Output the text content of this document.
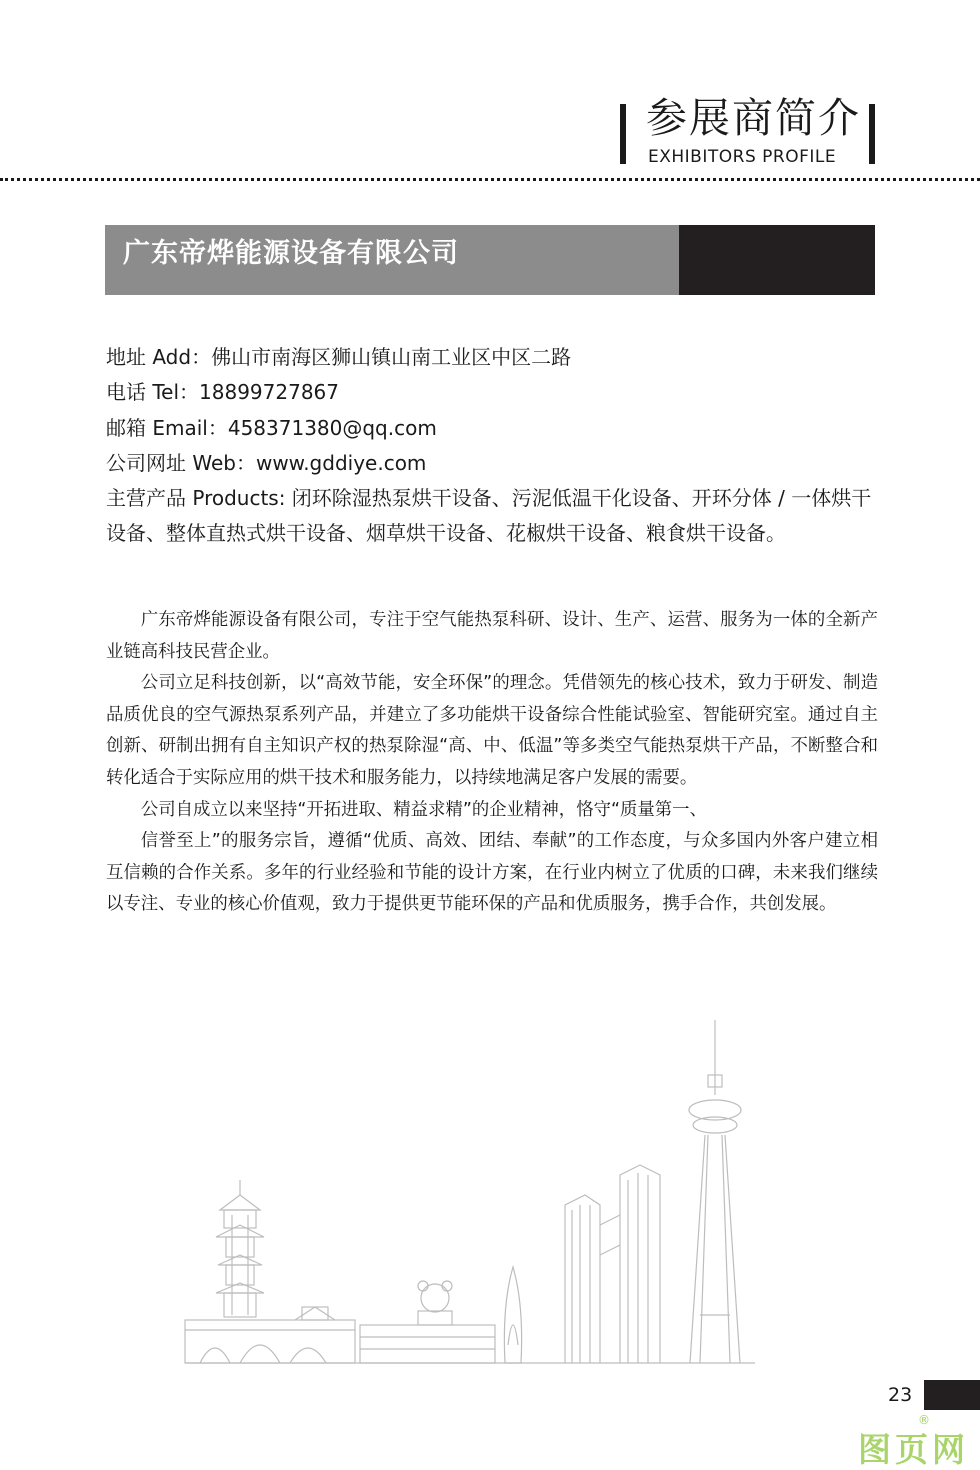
参展商简介
EXHIBITORS PROFILE
广东帝烨能源设备有限公司
地址 Add：佛山市南海区狮山镇山南工业区中区二路
电话 Tel：18899727867
邮箱 Email：458371380@qq.com
公司网址 Web：www.gddiye.com
主营产品 Products: 闭环除湿热泵烘干设备、污泥低温干化设备、开环分体 / 一体烘干设备、整体直热式烘干设备、烟草烘干设备、花椒烘干设备、粮食烘干设备。

广东帝烨能源设备有限公司，专注于空气能热泵科研、设计、生产、运营、服务为一体的全新产业链高科技民营企业。

公司立足科技创新，以“高效节能，安全环保”的理念。凭借领先的核心技术，致力于研发、制造品质优良的空气源热泵系列产品，并建立了多功能烘干设备综合性能试验室、智能研究室。通过自主创新、研制出拥有自主知识产权的热泵除湿“高、中、低温”等多类空气能热泵烘干产品，不断整合和转化适合于实际应用的烘干技术和服务能力，以持续地满足客户发展的需要。

公司自成立以来坚持“开拓进取、精益求精”的企业精神，恪守“质量第一、

信誉至上”的服务宗旨，遵循“优质、高效、团结、奉献”的工作态度，与众多国内外客户建立相互信赖的合作关系。多年的行业经验和节能的设计方案，在行业内树立了优质的口碑，未来我们继续以专注、专业的核心价值观，致力于提供更节能环保的产品和优质服务，携手合作，共创发展。

23
®
图页网
